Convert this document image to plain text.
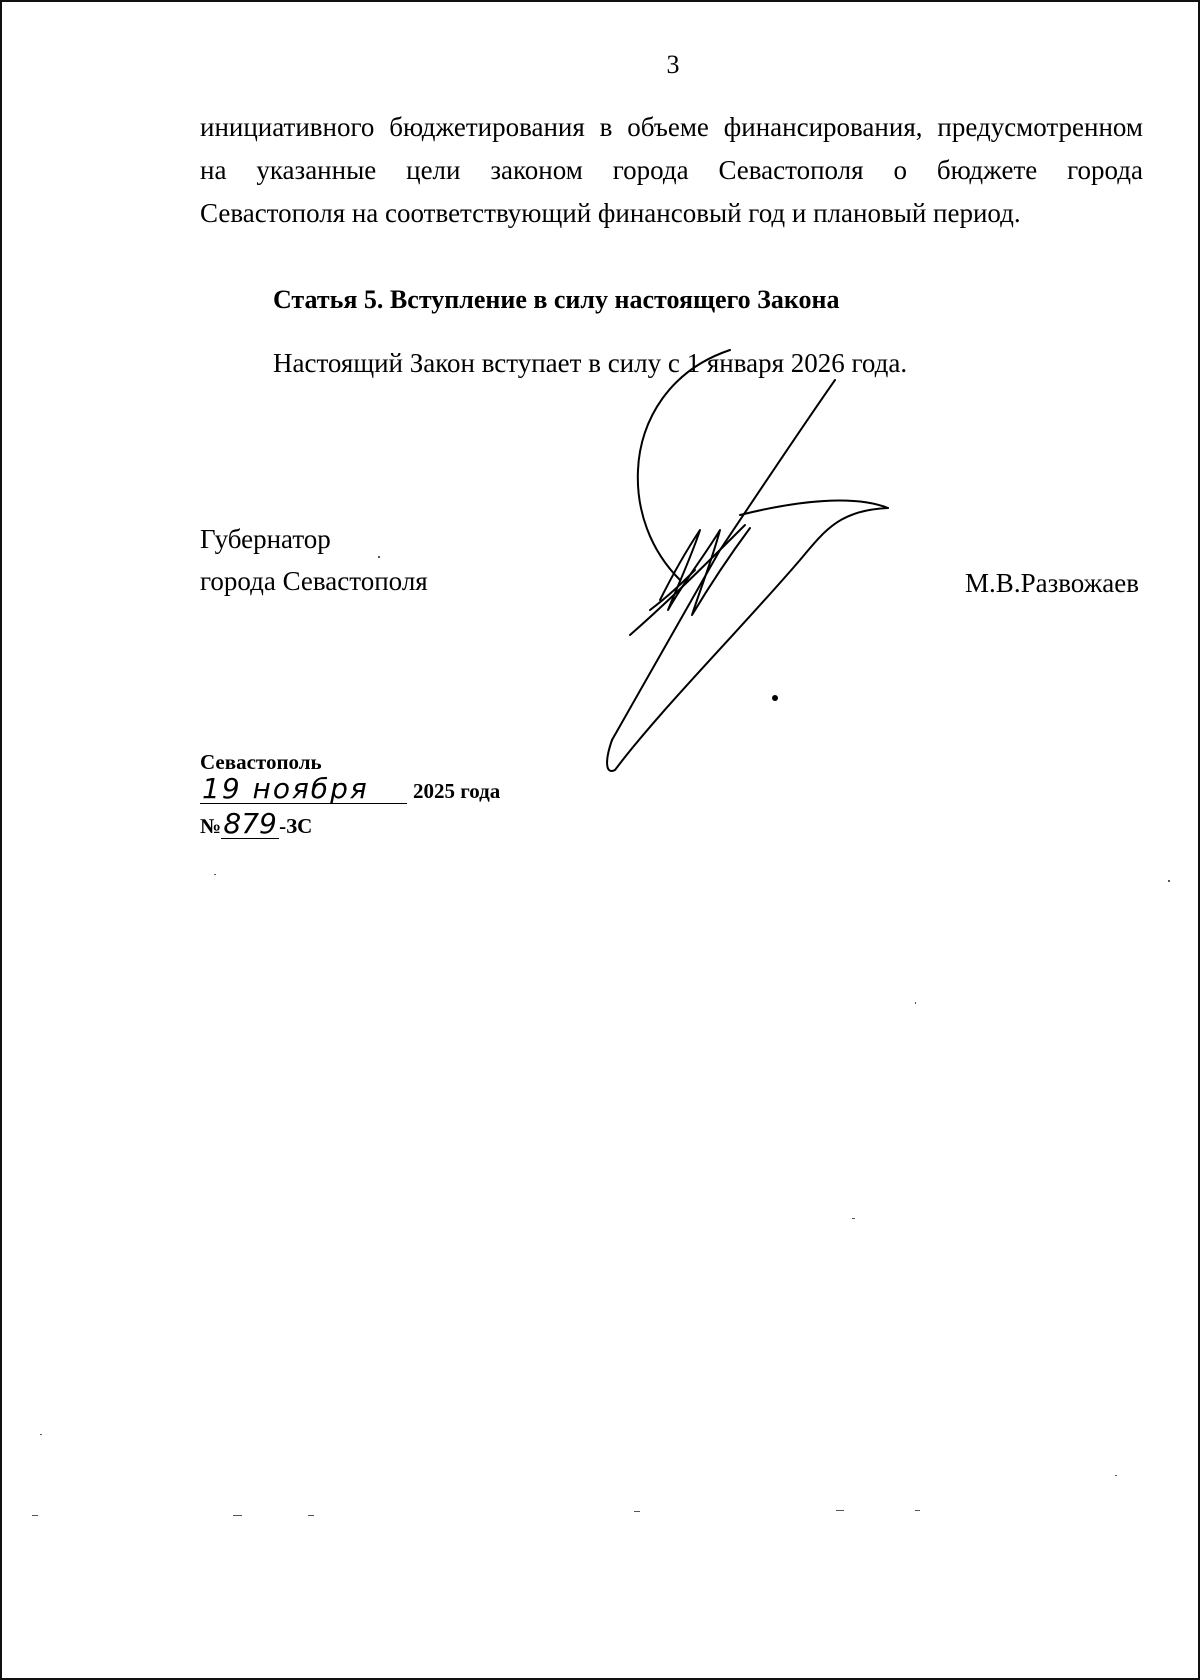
3
инициативного бюджетирования в объеме финансирования, предусмотренном
на указанные цели законом города Севастополя о бюджете города
Севастополя на соответствующий финансовый год и плановый период.
Статья 5. Вступление в силу настоящего Закона
Настоящий Закон вступает в силу с 1 января 2026 года.
Губернатор
города Севастополя	М.В.Развожаев
Севастополь
19 ноября 2025 года
№879 -ЗС
